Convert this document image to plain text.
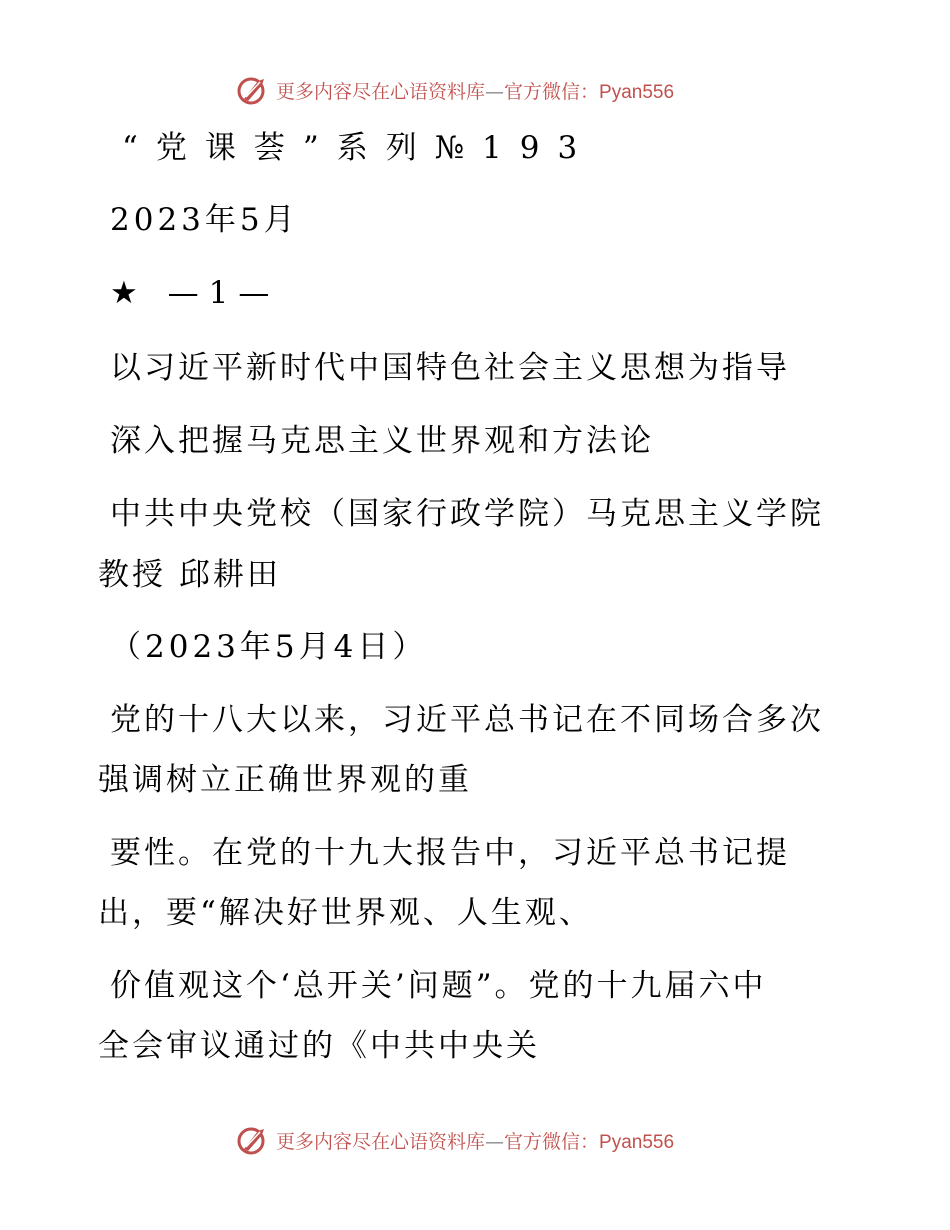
更多内容尽在心语资料库—官方微信：Pyan556
“党课荟”系列№193
2023年5月
★ —1—
以习近平新时代中国特色社会主义思想为指导
深入把握马克思主义世界观和方法论
中共中央党校（国家行政学院）马克思主义学院
教授 邱耕田
（2023年5月4日）
党的十八大以来，习近平总书记在不同场合多次
强调树立正确世界观的重
要性。在党的十九大报告中，习近平总书记提
出，要“解决好世界观、人生观、
价值观这个‘总开关’问题”。党的十九届六中
全会审议通过的《中共中央关
更多内容尽在心语资料库—官方微信：Pyan556
